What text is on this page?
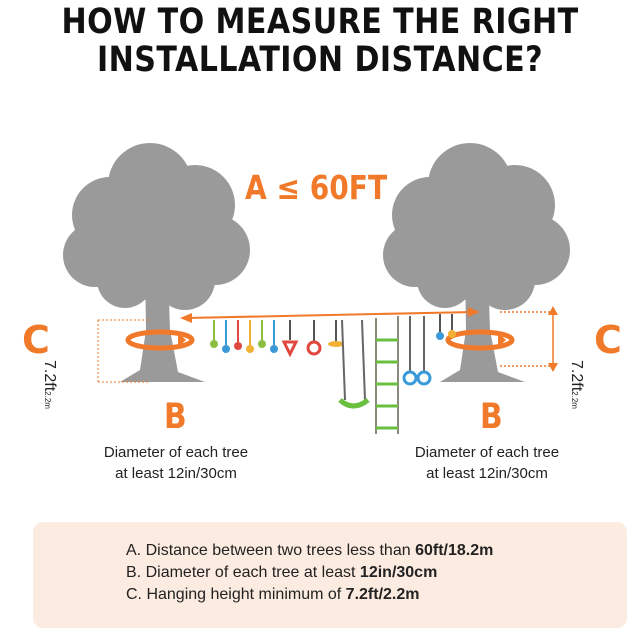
HOW TO MEASURE THE RIGHT
INSTALLATION DISTANCE?
A ≤ 60FT
C	C
7.2ft2.2m
7.2ft2.2m
B	B
Diameter of each tree
at least 12in/30cm
Diameter of each tree
at least 12in/30cm
A. Distance between two trees less than 60ft/18.2m
B. Diameter of each tree at least 12in/30cm
C. Hanging height minimum of 7.2ft/2.2m
